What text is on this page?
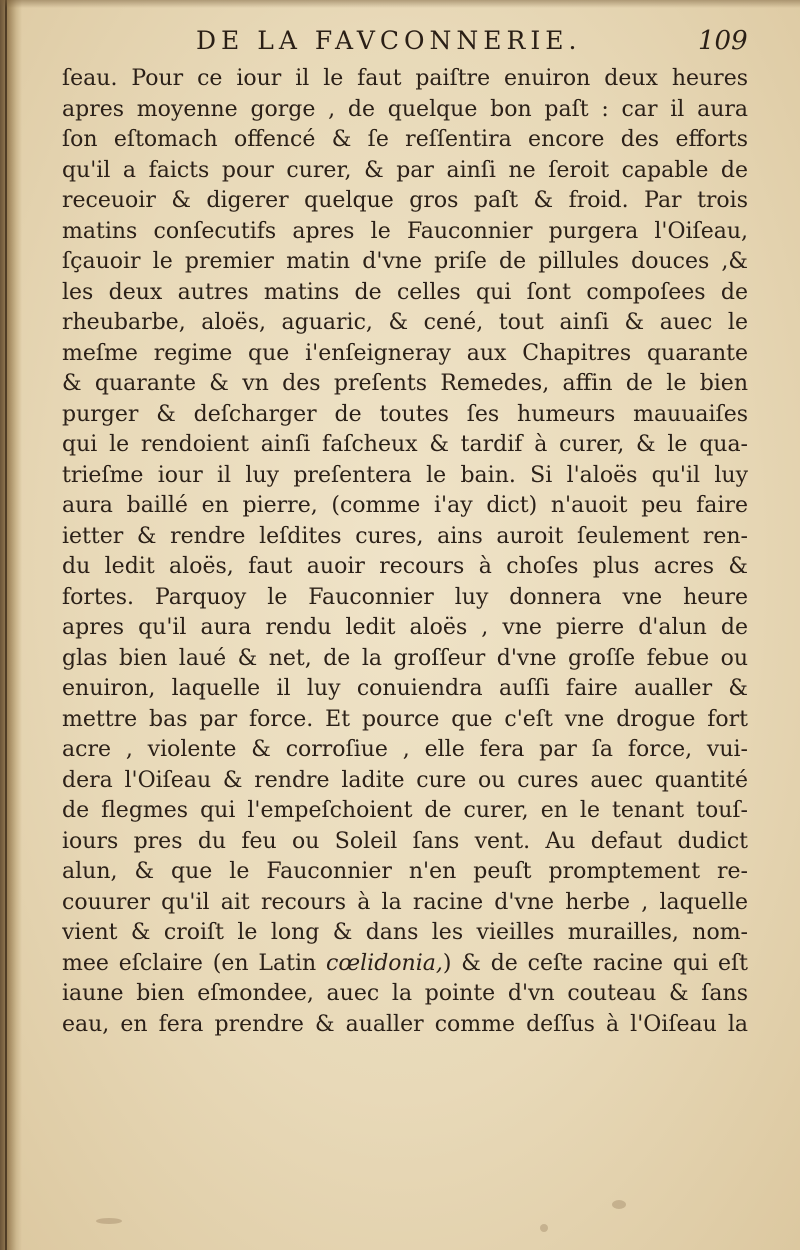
DE LA FAVCONNERIE.	109
ſeau. Pour ce iour il le faut paiſtre enuiron deux heures
apres moyenne gorge , de quelque bon paſt : car il aura
ſon eſtomach offencé & ſe reſſentira encore des efforts
qu'il a faicts pour curer, & par ainſi ne ſeroit capable de
receuoir & digerer quelque gros paſt & froid. Par trois
matins conſecutifs apres le Fauconnier purgera l'Oiſeau,
ſçauoir le premier matin d'vne priſe de pillules douces ,&
les deux autres matins de celles qui ſont compoſees de
rheubarbe, aloës, aguaric, & cené, tout ainſi & auec le
meſme regime que i'enſeigneray aux Chapitres quarante
& quarante & vn des preſents Remedes, affin de le bien
purger & deſcharger de toutes ſes humeurs mauuaiſes
qui le rendoient ainſi faſcheux & tardif à curer, & le qua-
trieſme iour il luy preſentera le bain. Si l'aloës qu'il luy
aura baillé en pierre, (comme i'ay dict) n'auoit peu faire
ietter & rendre leſdites cures, ains auroit ſeulement ren-
du ledit aloës, faut auoir recours à choſes plus acres &
fortes. Parquoy le Fauconnier luy donnera vne heure
apres qu'il aura rendu ledit aloës , vne pierre d'alun de
glas bien laué & net, de la groſſeur d'vne groſſe febue ou
enuiron, laquelle il luy conuiendra auſſi faire aualler &
mettre bas par force. Et pource que c'eſt vne drogue fort
acre , violente & corroſiue , elle fera par ſa force, vui-
dera l'Oiſeau & rendre ladite cure ou cures auec quantité
de flegmes qui l'empeſchoient de curer, en le tenant touſ-
iours pres du feu ou Soleil ſans vent. Au defaut dudict
alun, & que le Fauconnier n'en peuſt promptement re-
couurer qu'il ait recours à la racine d'vne herbe , laquelle
vient & croiſt le long & dans les vieilles murailles, nom-
mee eſclaire (en Latin cœlidonia,) & de ceſte racine qui eſt
iaune bien eſmondee, auec la pointe d'vn couteau & ſans
eau, en fera prendre & aualler comme deſſus à l'Oiſeau la
